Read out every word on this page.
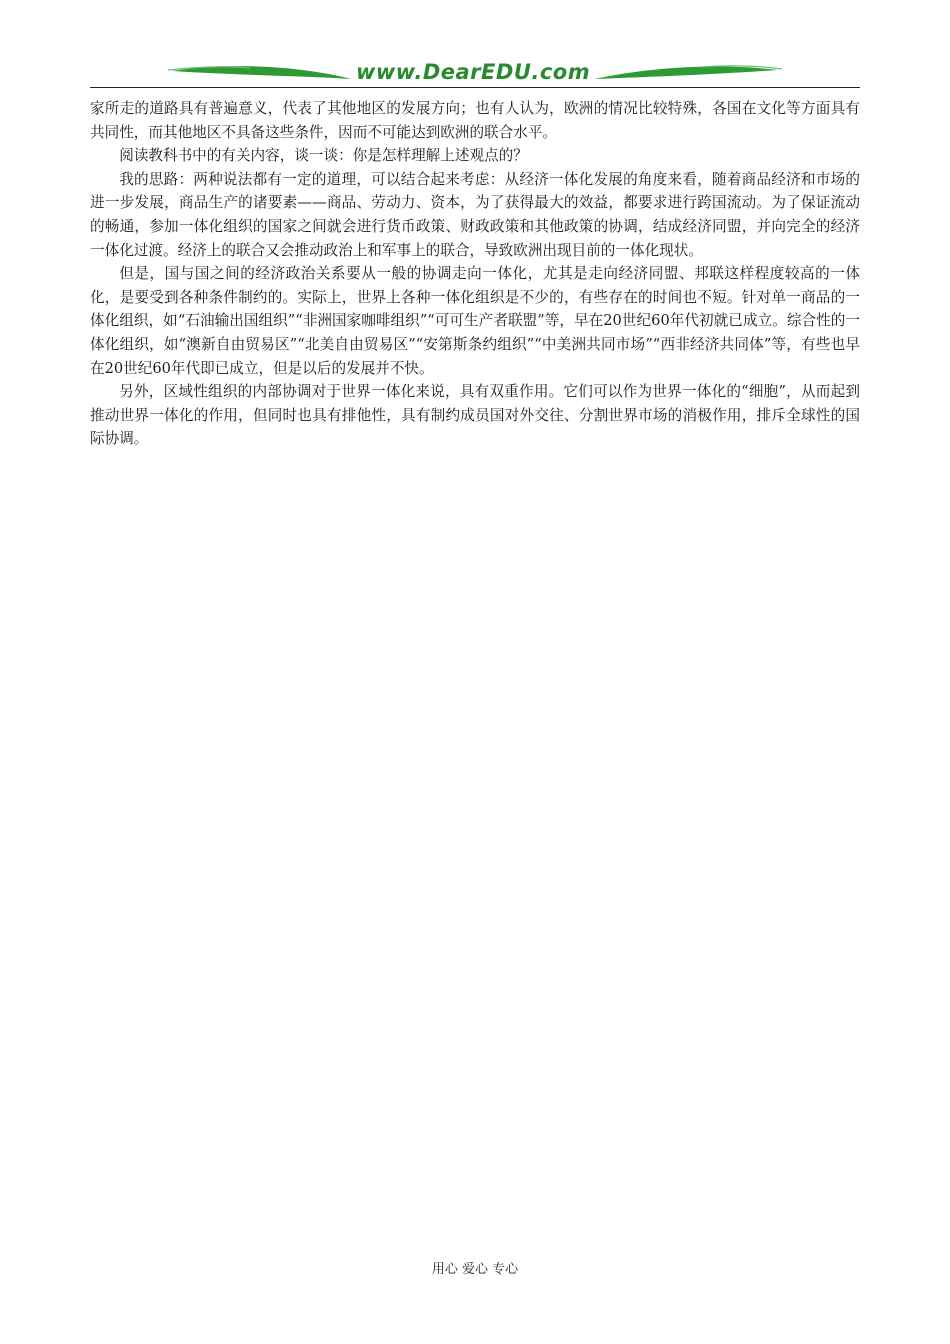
www.DearEDU.com

家所走的道路具有普遍意义，代表了其他地区的发展方向；也有人认为，欧洲的情况比较特殊，各国在文化等方面具有共同性，而其他地区不具备这些条件，因而不可能达到欧洲的联合水平。

阅读教科书中的有关内容，谈一谈：你是怎样理解上述观点的？

我的思路：两种说法都有一定的道理，可以结合起来考虑：从经济一体化发展的角度来看，随着商品经济和市场的进一步发展，商品生产的诸要素——商品、劳动力、资本，为了获得最大的效益，都要求进行跨国流动。为了保证流动的畅通，参加一体化组织的国家之间就会进行货币政策、财政政策和其他政策的协调，结成经济同盟，并向完全的经济一体化过渡。经济上的联合又会推动政治上和军事上的联合，导致欧洲出现目前的一体化现状。

但是，国与国之间的经济政治关系要从一般的协调走向一体化，尤其是走向经济同盟、邦联这样程度较高的一体化，是要受到各种条件制约的。实际上，世界上各种一体化组织是不少的，有些存在的时间也不短。针对单一商品的一体化组织，如“石油输出国组织”“非洲国家咖啡组织”“可可生产者联盟”等，早在20世纪60年代初就已成立。综合性的一体化组织，如“澳新自由贸易区”“北美自由贸易区”“安第斯条约组织”“中美洲共同市场”“西非经济共同体”等，有些也早在20世纪60年代即已成立，但是以后的发展并不快。

另外，区域性组织的内部协调对于世界一体化来说，具有双重作用。它们可以作为世界一体化的“细胞”，从而起到推动世界一体化的作用，但同时也具有排他性，具有制约成员国对外交往、分割世界市场的消极作用，排斥全球性的国际协调。

用心 爱心 专心
